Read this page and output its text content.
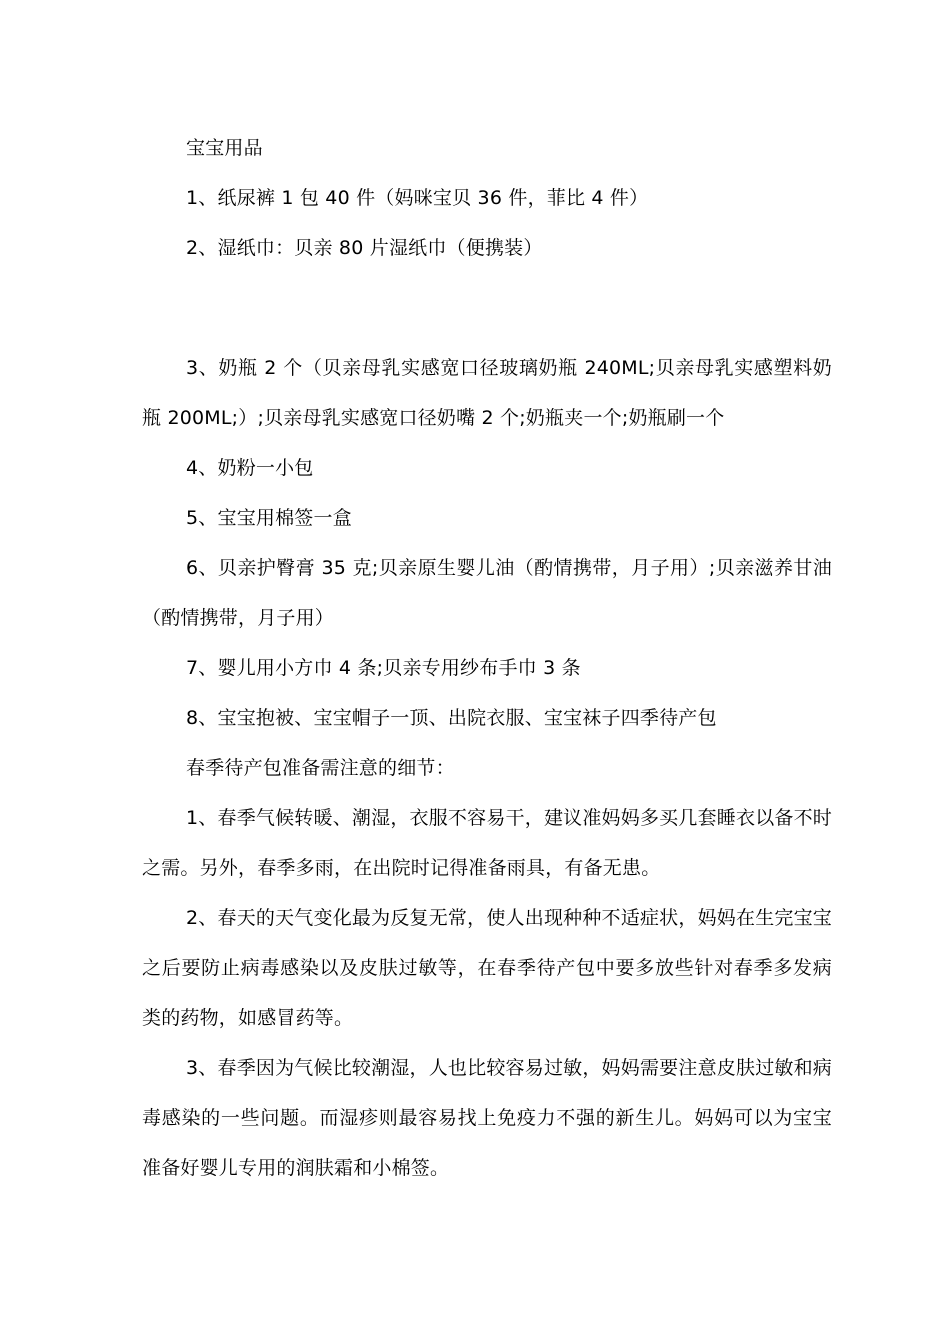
宝宝用品

1、纸尿裤 1 包 40 件（妈咪宝贝 36 件，菲比 4 件）

2、湿纸巾：贝亲 80 片湿纸巾（便携装）

3、奶瓶 2 个（贝亲母乳实感宽口径玻璃奶瓶 240ML;贝亲母乳实感塑料奶瓶 200ML;）;贝亲母乳实感宽口径奶嘴 2 个;奶瓶夹一个;奶瓶刷一个

4、奶粉一小包

5、宝宝用棉签一盒

6、贝亲护臀膏 35 克;贝亲原生婴儿油（酌情携带，月子用）;贝亲滋养甘油（酌情携带，月子用）

7、婴儿用小方巾 4 条;贝亲专用纱布手巾 3 条

8、宝宝抱被、宝宝帽子一顶、出院衣服、宝宝袜子四季待产包

春季待产包准备需注意的细节：

1、春季气候转暖、潮湿，衣服不容易干，建议准妈妈多买几套睡衣以备不时之需。另外，春季多雨，在出院时记得准备雨具，有备无患。

2、春天的天气变化最为反复无常，使人出现种种不适症状，妈妈在生完宝宝之后要防止病毒感染以及皮肤过敏等，在春季待产包中要多放些针对春季多发病类的药物，如感冒药等。

3、春季因为气候比较潮湿，人也比较容易过敏，妈妈需要注意皮肤过敏和病毒感染的一些问题。而湿疹则最容易找上免疫力不强的新生儿。妈妈可以为宝宝准备好婴儿专用的润肤霜和小棉签。
